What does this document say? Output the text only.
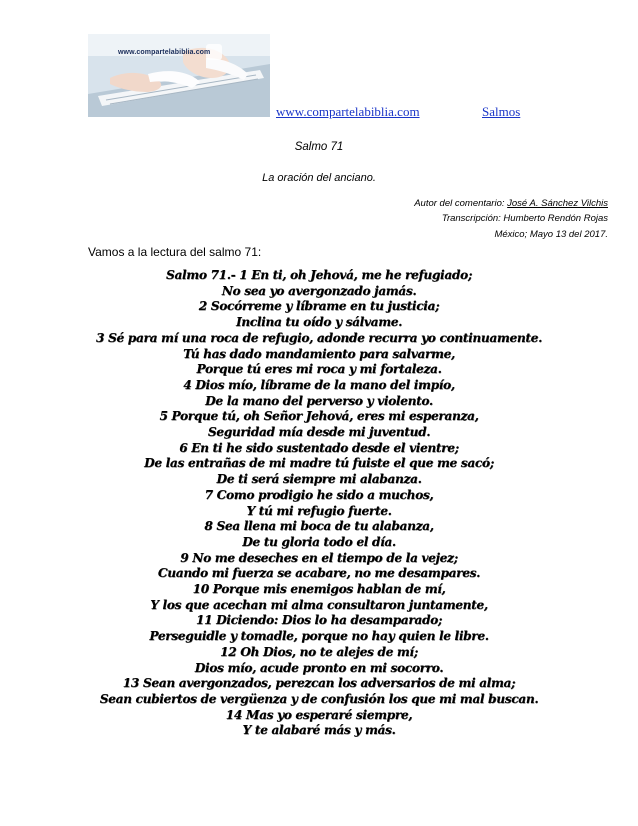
www.compartelabiblia.com
www.compartelabiblia.com	Salmos
Salmo 71
La oración del anciano.
Autor del comentario: José A. Sánchez Vilchis
Transcripción: Humberto Rendón Rojas
México; Mayo 13 del 2017.
Vamos a la lectura del salmo 71:
Salmo 71.- 1 En ti, oh Jehová, me he refugiado;
No sea yo avergonzado jamás.
2 Socórreme y líbrame en tu justicia;
Inclina tu oído y sálvame.
3 Sé para mí una roca de refugio, adonde recurra yo continuamente.
Tú has dado mandamiento para salvarme,
Porque tú eres mi roca y mi fortaleza.
4 Dios mío, líbrame de la mano del impío,
De la mano del perverso y violento.
5 Porque tú, oh Señor Jehová, eres mi esperanza,
Seguridad mía desde mi juventud.
6 En ti he sido sustentado desde el vientre;
De las entrañas de mi madre tú fuiste el que me sacó;
De ti será siempre mi alabanza.
7 Como prodigio he sido a muchos,
Y tú mi refugio fuerte.
8 Sea llena mi boca de tu alabanza,
De tu gloria todo el día.
9 No me deseches en el tiempo de la vejez;
Cuando mi fuerza se acabare, no me desampares.
10 Porque mis enemigos hablan de mí,
Y los que acechan mi alma consultaron juntamente,
11 Diciendo: Dios lo ha desamparado;
Perseguidle y tomadle, porque no hay quien le libre.
12 Oh Dios, no te alejes de mí;
Dios mío, acude pronto en mi socorro.
13 Sean avergonzados, perezcan los adversarios de mi alma;
Sean cubiertos de vergüenza y de confusión los que mi mal buscan.
14 Mas yo esperaré siempre,
Y te alabaré más y más.
